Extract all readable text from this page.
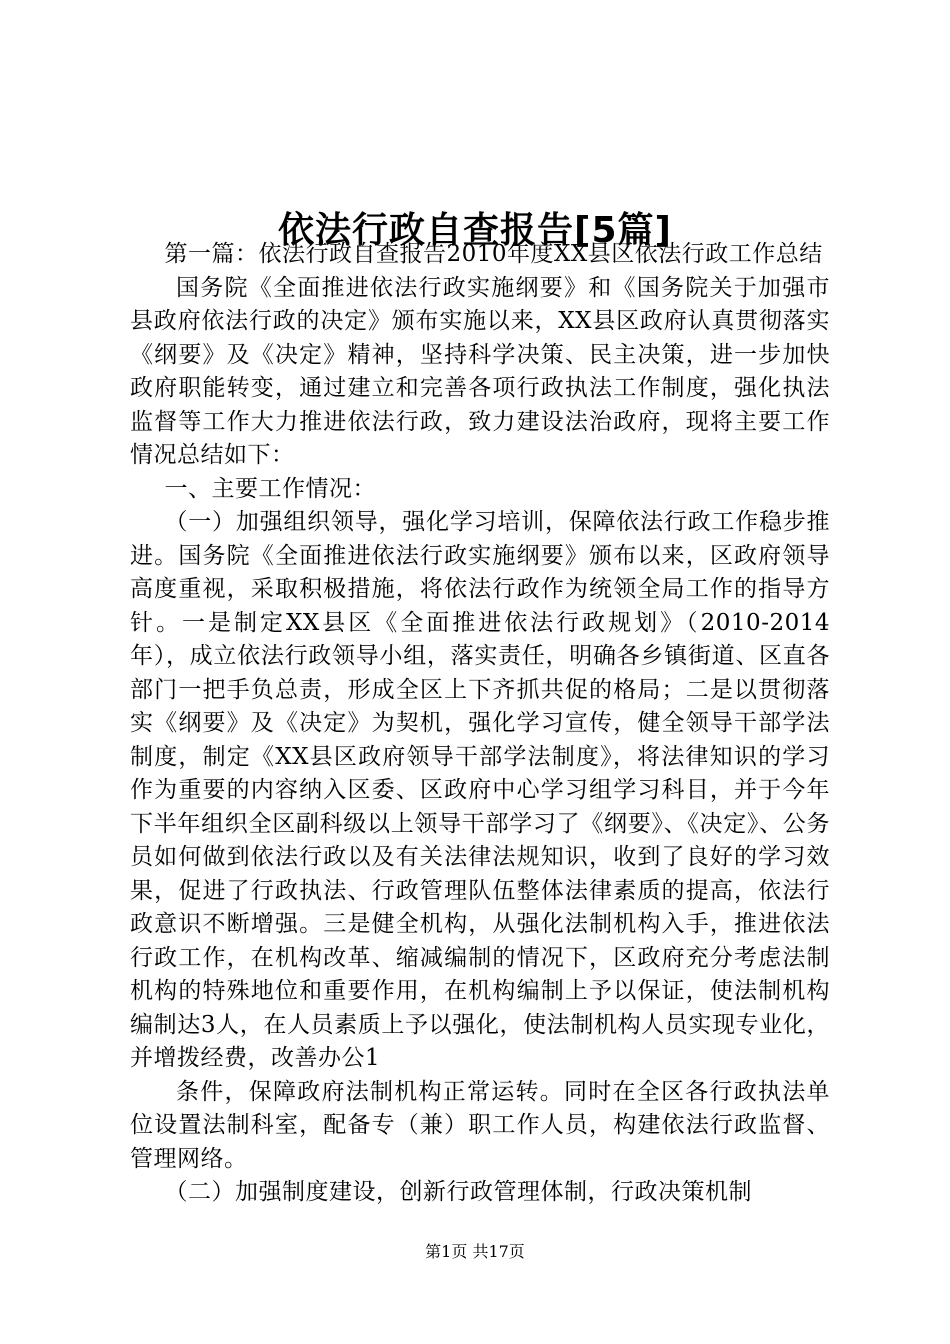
依法行政自查报告[5篇]

第一篇：依法行政自查报告2010年度XX县区依法行政工作总结

国务院《全面推进依法行政实施纲要》和《国务院关于加强市县政府依法行政的决定》颁布实施以来，XX县区政府认真贯彻落实《纲要》及《决定》精神，坚持科学决策、民主决策，进一步加快政府职能转变，通过建立和完善各项行政执法工作制度，强化执法监督等工作大力推进依法行政，致力建设法治政府，现将主要工作情况总结如下：

一、主要工作情况：

（一）加强组织领导，强化学习培训，保障依法行政工作稳步推进。国务院《全面推进依法行政实施纲要》颁布以来，区政府领导高度重视，采取积极措施，将依法行政作为统领全局工作的指导方针。一是制定XX县区《全面推进依法行政规划》（2010-2014年），成立依法行政领导小组，落实责任，明确各乡镇街道、区直各部门一把手负总责，形成全区上下齐抓共促的格局；二是以贯彻落实《纲要》及《决定》为契机，强化学习宣传，健全领导干部学法制度，制定《XX县区政府领导干部学法制度》，将法律知识的学习作为重要的内容纳入区委、区政府中心学习组学习科目，并于今年下半年组织全区副科级以上领导干部学习了《纲要》、《决定》、公务员如何做到依法行政以及有关法律法规知识，收到了良好的学习效果，促进了行政执法、行政管理队伍整体法律素质的提高，依法行政意识不断增强。三是健全机构，从强化法制机构入手，推进依法行政工作，在机构改革、缩减编制的情况下，区政府充分考虑法制机构的特殊地位和重要作用，在机构编制上予以保证，使法制机构编制达3人，在人员素质上予以强化，使法制机构人员实现专业化，并增拨经费，改善办公1

条件，保障政府法制机构正常运转。同时在全区各行政执法单位设置法制科室，配备专（兼）职工作人员，构建依法行政监督、管理网络。

（二）加强制度建设，创新行政管理体制，行政决策机制

第1页 共17页
